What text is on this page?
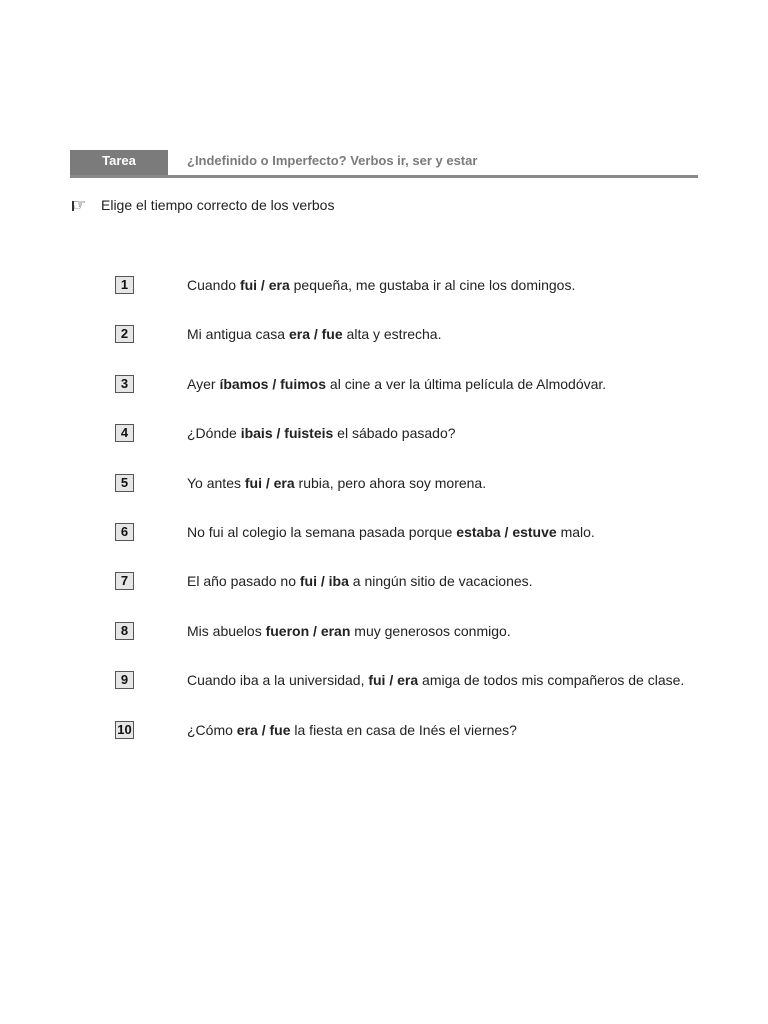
Tarea	¿Indefinido o Imperfecto? Verbos ir, ser y estar
☞
Elige el tiempo correcto de los verbos
1	Cuando fui / era pequeña, me gustaba ir al cine los domingos.
2	Mi antigua casa era / fue alta y estrecha.
3	Ayer íbamos / fuimos al cine a ver la última película de Almodóvar.
4	¿Dónde ibais / fuisteis el sábado pasado?
5	Yo antes fui / era rubia, pero ahora soy morena.
6	No fui al colegio la semana pasada porque estaba / estuve malo.
7	El año pasado no fui / iba a ningún sitio de vacaciones.
8	Mis abuelos fueron / eran muy generosos conmigo.
9	Cuando iba a la universidad, fui / era amiga de todos mis compañeros de clase.
10	¿Cómo era / fue la fiesta en casa de Inés el viernes?
